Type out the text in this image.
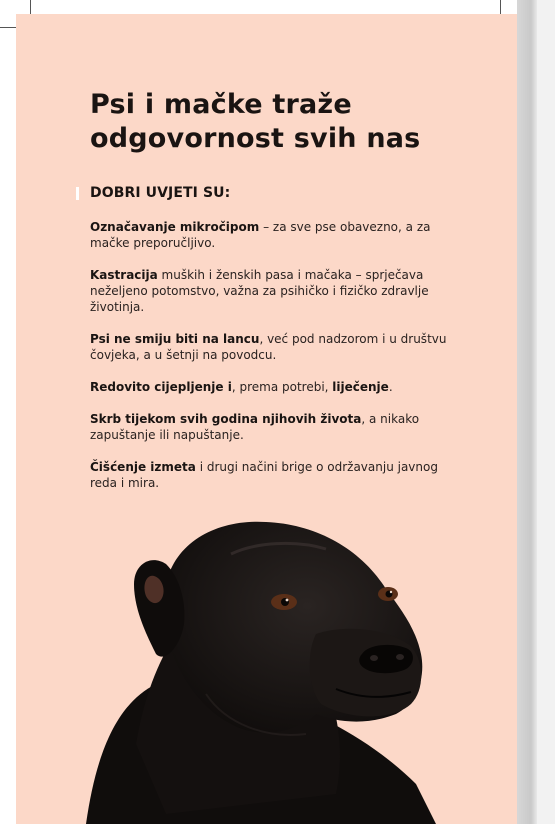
Psi i mačke traže
odgovornost svih nas
DOBRI UVJETI SU:
Označavanje mikročipom – za sve pse obavezno, a za mačke preporučljivo.
Kastracija muških i ženskih pasa i mačaka – sprječava neželjeno potomstvo, važna za psihičko i fizičko zdravlje životinja.
Psi ne smiju biti na lancu, već pod nadzorom i u društvu čovjeka, a u šetnji na povodcu.
Redovito cijepljenje i, prema potrebi, liječenje.
Skrb tijekom svih godina njihovih života, a nikako zapuštanje ili napuštanje.
Čišćenje izmeta i drugi načini brige o održavanju javnog reda i mira.
